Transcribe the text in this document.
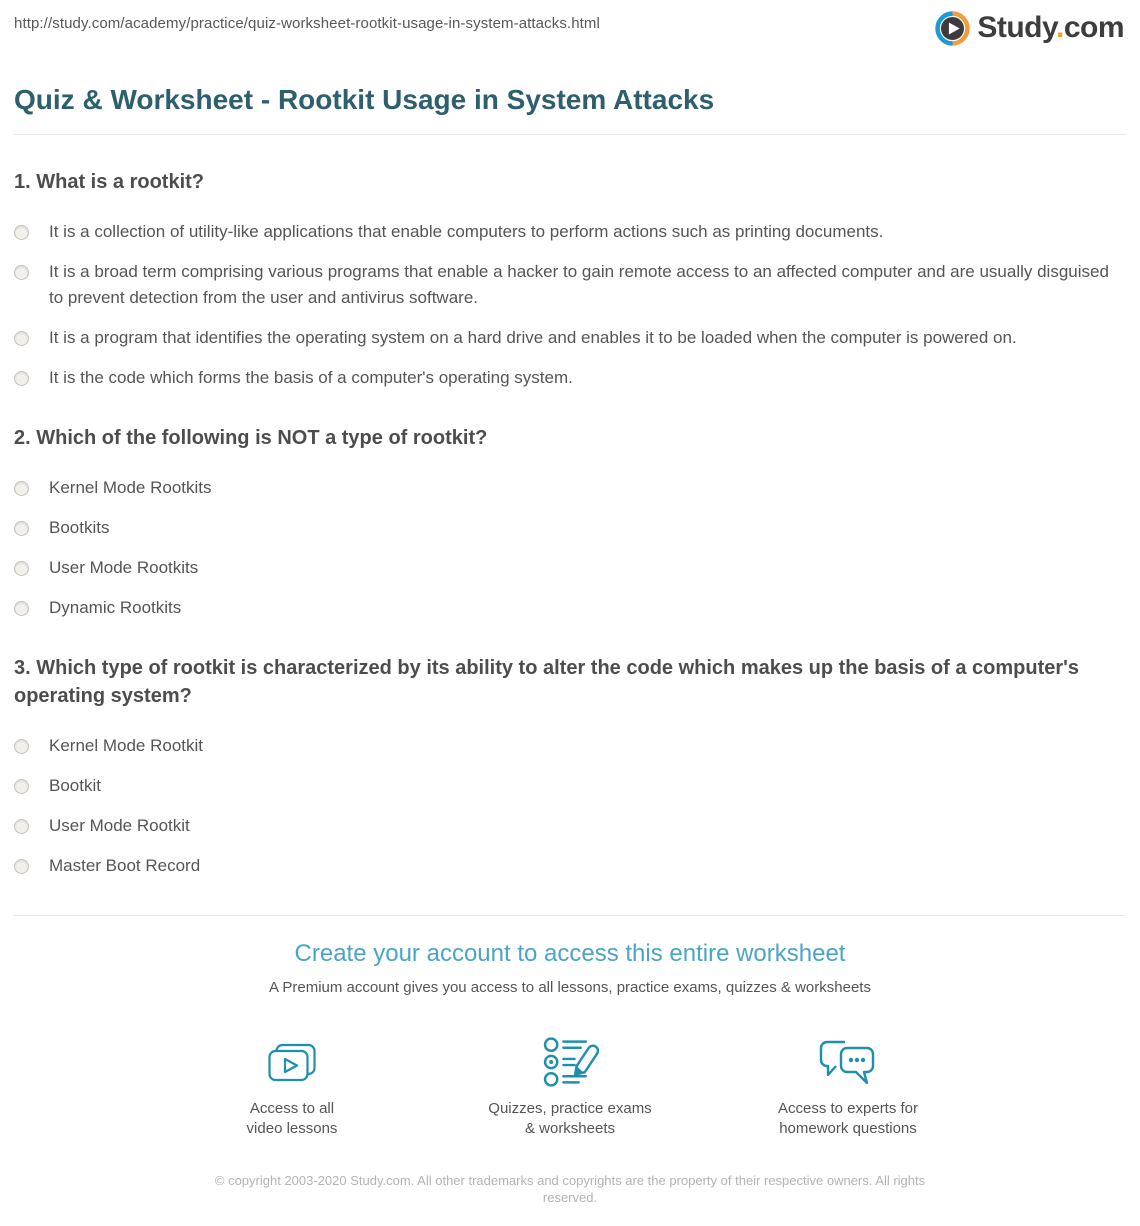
http://study.com/academy/practice/quiz-worksheet-rootkit-usage-in-system-attacks.html	Study.com
Quiz & Worksheet - Rootkit Usage in System Attacks
1. What is a rootkit?
It is a collection of utility-like applications that enable computers to perform actions such as printing documents.
It is a broad term comprising various programs that enable a hacker to gain remote access to an affected computer and are usually disguised to prevent detection from the user and antivirus software.
It is a program that identifies the operating system on a hard drive and enables it to be loaded when the computer is powered on.
It is the code which forms the basis of a computer's operating system.
2. Which of the following is NOT a type of rootkit?
Kernel Mode Rootkits
Bootkits
User Mode Rootkits
Dynamic Rootkits
3. Which type of rootkit is characterized by its ability to alter the code which makes up the basis of a computer's operating system?
Kernel Mode Rootkit
Bootkit
User Mode Rootkit
Master Boot Record
Create your account to access this entire worksheet

A Premium account gives you access to all lessons, practice exams, quizzes & worksheets

Access to all
video lessons
Quizzes, practice exams
& worksheets
Access to experts for
homework questions

© copyright 2003-2020 Study.com. All other trademarks and copyrights are the property of their respective owners. All rights reserved.
